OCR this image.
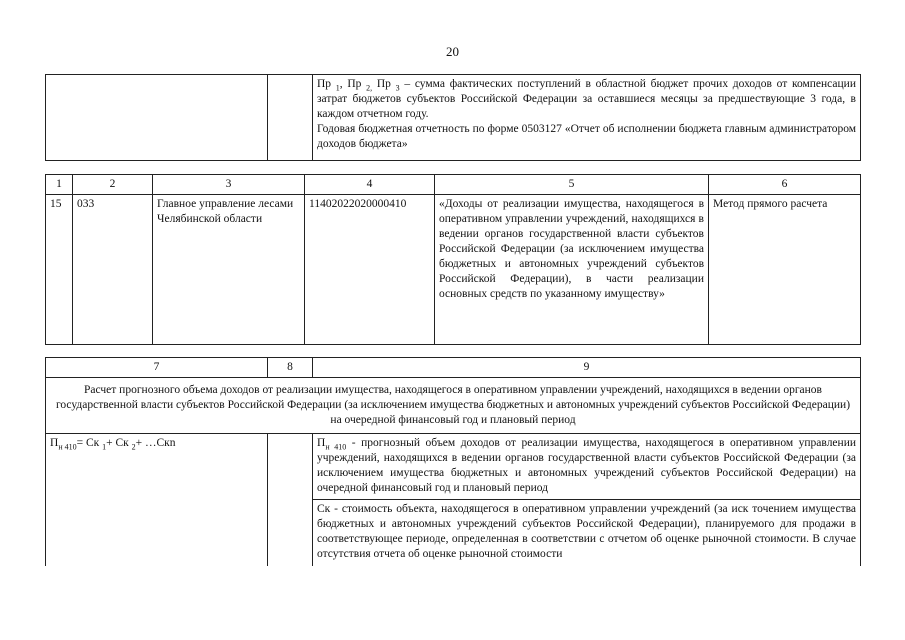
20

Пр $_1$, Пр $_{2,}$ Пр $_3$ – сумма фактических поступлений в областной бюджет прочих доходов от компенсации затрат бюджетов субъектов Российской Федерации за оставшиеся месяцы за предшествующие 3 года, в каждом отчетном году.
Годовая бюджетная отчетность по форме 0503127 «Отчет об исполнении бюджета главным администратором доходов бюджета»
1	2	3	4	5	6
15	033	Главное управление лесами Челябинской области	11402022020000410	«Доходы от реализации имущества, находящегося в оперативном управлении учреждений, находящихся в ведении органов государственной власти субъектов Российской Федерации (за исключением имущества бюджетных и автономных учреждений субъектов Российской Федерации), в части реализации основных средств по указанному имуществу»	Метод прямого расчета
7	8	9
Расчет прогнозного объема доходов от реализации имущества, находящегося в оперативном управлении учреждений, находящихся в ведении органов государственной власти субъектов Российской Федерации (за исключением имущества бюджетных и автономных учреждений субъектов Российской Федерации) на очередной финансовый год и плановый период		
$П_{н 410}=$ Ск $_1$+ Ск $_2$+ …Скn		$П_{н 410}$ - прогнозный объем доходов от реализации имущества, находящегося в оперативном управлении учреждений, находящихся в ведении органов государственной власти субъектов Российской Федерации (за исключением имущества бюджетных и автономных учреждений субъектов Российской Федерации) на очередной финансовый год и плановый период
		Ск - стоимость объекта, находящегося в оперативном управлении учреждений (за иск точением имущества бюджетных и автономных учреждений субъектов Российской Федерации), планируемого для продажи в соответствующее периоде, определенная в соответствии с отчетом об оценке рыночной стоимости. В случае отсутствия отчета об оценке рыночной стоимости
